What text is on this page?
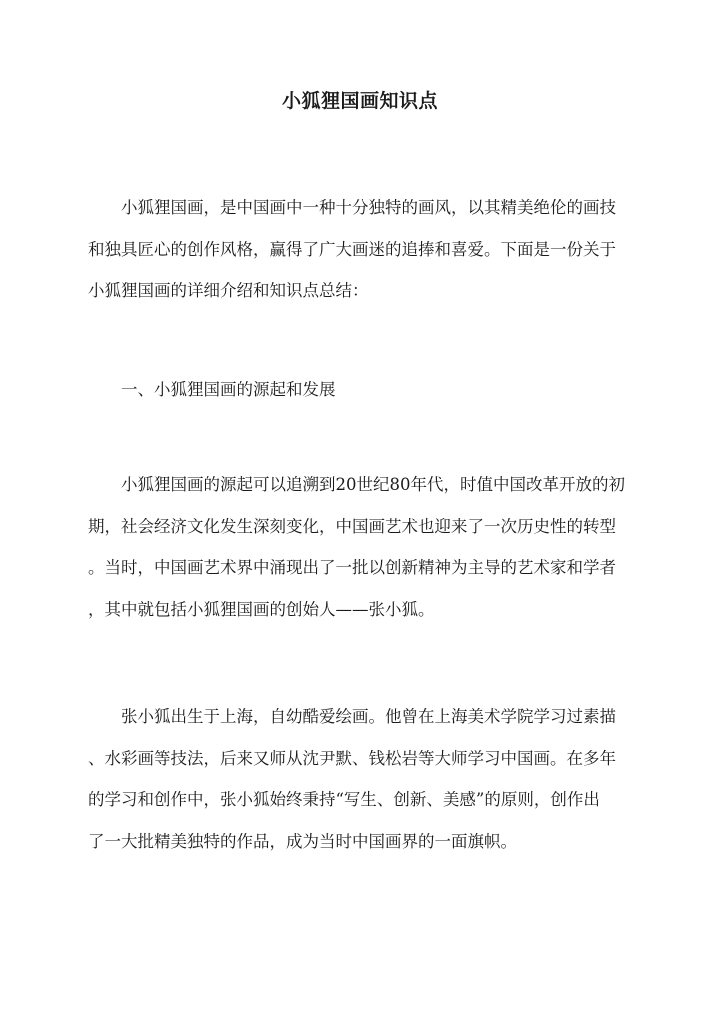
小狐狸国画知识点
小狐狸国画，是中国画中一种十分独特的画风，以其精美绝伦的画技
和独具匠心的创作风格，赢得了广大画迷的追捧和喜爱。下面是一份关于
小狐狸国画的详细介绍和知识点总结：
一、小狐狸国画的源起和发展
小狐狸国画的源起可以追溯到20世纪80年代，时值中国改革开放的初
期，社会经济文化发生深刻变化，中国画艺术也迎来了一次历史性的转型
。当时，中国画艺术界中涌现出了一批以创新精神为主导的艺术家和学者
，其中就包括小狐狸国画的创始人——张小狐。
张小狐出生于上海，自幼酷爱绘画。他曾在上海美术学院学习过素描
、水彩画等技法，后来又师从沈尹默、钱松岩等大师学习中国画。在多年
的学习和创作中，张小狐始终秉持“写生、创新、美感”的原则，创作出
了一大批精美独特的作品，成为当时中国画界的一面旗帜。
